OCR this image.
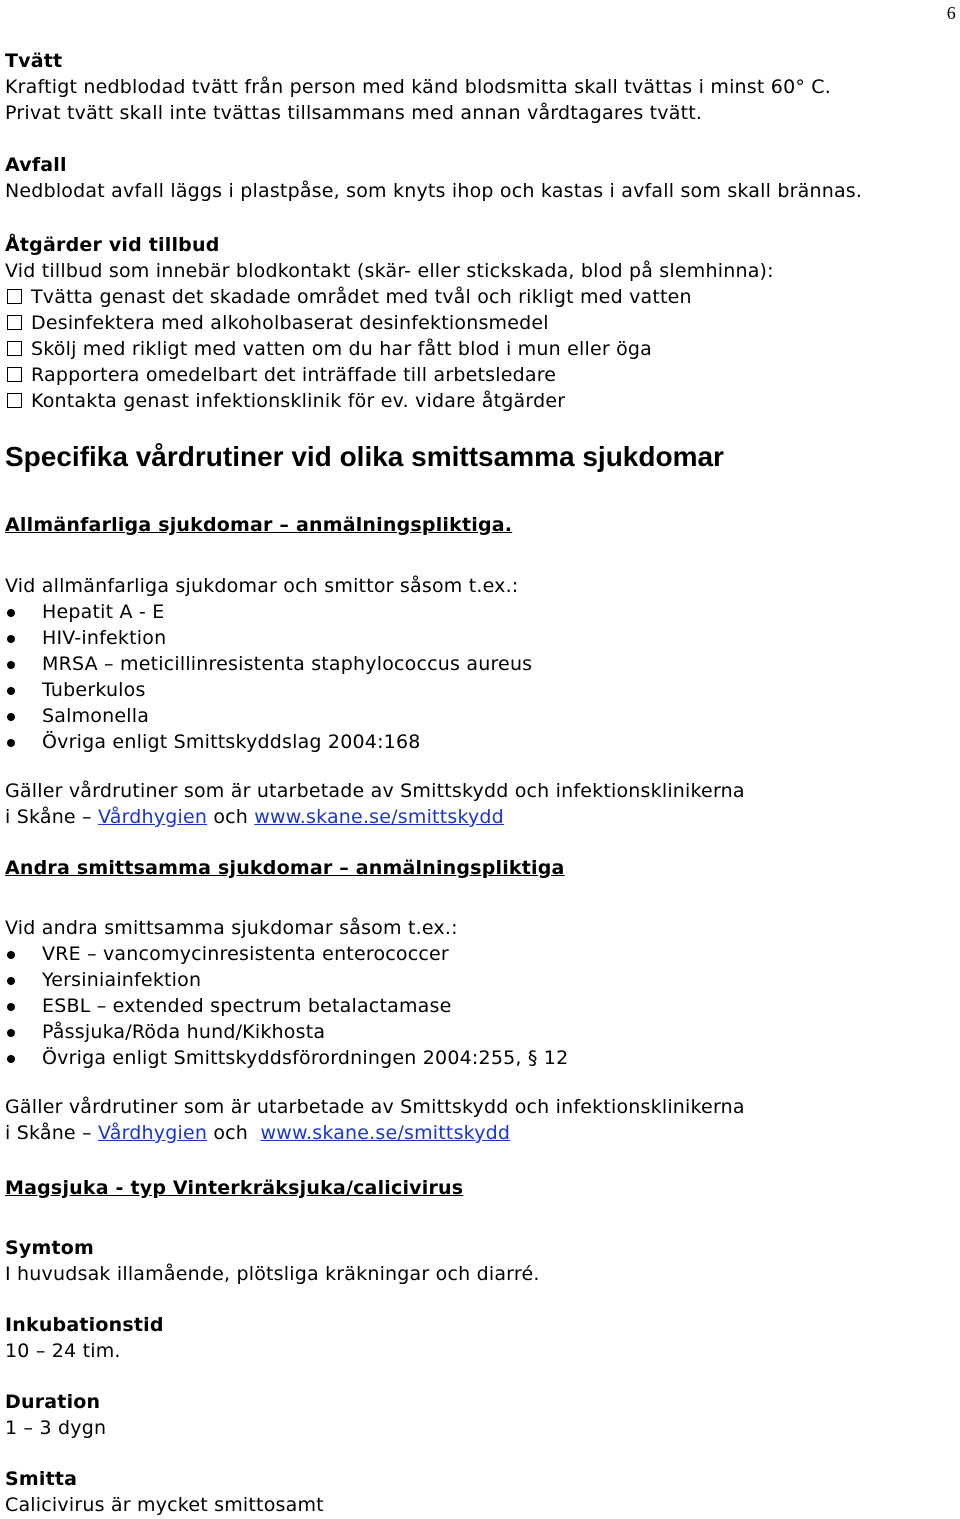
6
Tvätt
Kraftigt nedblodad tvätt från person med känd blodsmitta skall tvättas i minst 60° C.
Privat tvätt skall inte tvättas tillsammans med annan vårdtagares tvätt.
Avfall
Nedblodat avfall läggs i plastpåse, som knyts ihop och kastas i avfall som skall brännas.
Åtgärder vid tillbud
Vid tillbud som innebär blodkontakt (skär- eller stickskada, blod på slemhinna):
Tvätta genast det skadade området med tvål och rikligt med vatten
Desinfektera med alkoholbaserat desinfektionsmedel
Skölj med rikligt med vatten om du har fått blod i mun eller öga
Rapportera omedelbart det inträffade till arbetsledare
Kontakta genast infektionsklinik för ev. vidare åtgärder
Specifika vårdrutiner vid olika smittsamma sjukdomar
Allmänfarliga sjukdomar – anmälningspliktiga.
Vid allmänfarliga sjukdomar och smittor såsom t.ex.:
Hepatit A - E
HIV-infektion
MRSA – meticillinresistenta staphylococcus aureus
Tuberkulos
Salmonella
Övriga enligt Smittskyddslag 2004:168
Gäller vårdrutiner som är utarbetade av Smittskydd och infektionsklinikerna
i Skåne – Vårdhygien och www.skane.se/smittskydd
Andra smittsamma sjukdomar – anmälningspliktiga
Vid andra smittsamma sjukdomar såsom t.ex.:
VRE – vancomycinresistenta enterococcer
Yersiniainfektion
ESBL – extended spectrum betalactamase
Påssjuka/Röda hund/Kikhosta
Övriga enligt Smittskyddsförordningen 2004:255, § 12
Gäller vårdrutiner som är utarbetade av Smittskydd och infektionsklinikerna
i Skåne – Vårdhygien och  www.skane.se/smittskydd
Magsjuka - typ Vinterkräksjuka/calicivirus
Symtom
I huvudsak illamående, plötsliga kräkningar och diarré.
Inkubationstid
10 – 24 tim.
Duration
1 – 3 dygn
Smitta
Calicivirus är mycket smittosamt
